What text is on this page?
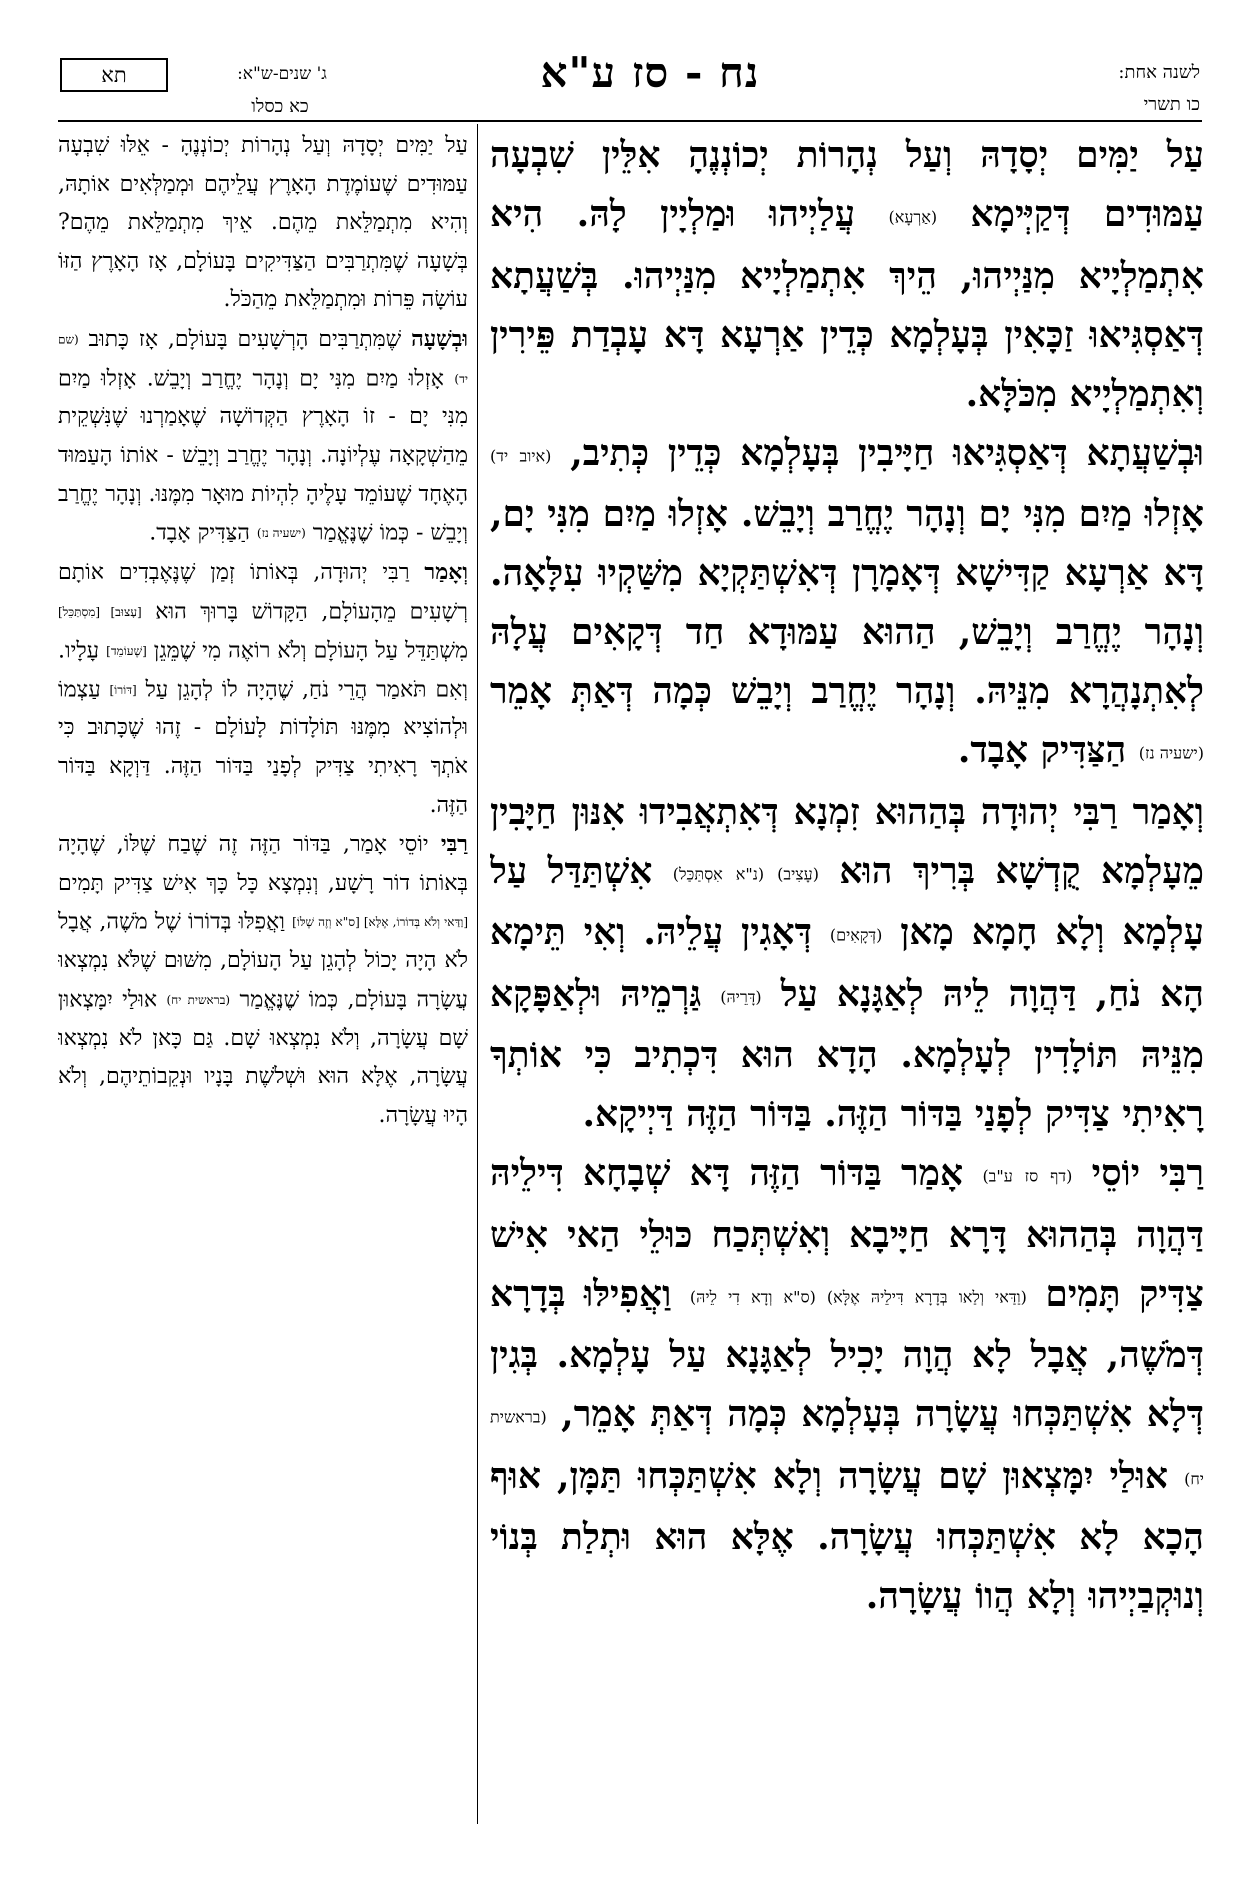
תא	ג' שנים-ש"א:
כא כסלו
נח - סז ע"א	לשנה אחת:
כו תשרי

עַל יַמִּים יְסָדָהּ וְעַל נְהָרוֹת יְכוֹנְנֶהָ אִלֵּין שִׁבְעָה עַמּוּדִים דְּקַיְּימָא (אַרְעָא) עֲלַיְיהוּ וּמַלְיָין לָהּ. הִיא אִתְמַלְיָיא מִנַּיְיהוּ, הֵיךְ אִתְמַלְיָיא מִנַּיְיהוּ. בְּשַׁעֲתָא דְּאַסְגִּיאוּ זַכָּאִין בְּעָלְמָא כְּדֵין אַרְעָא דָּא עָבְדַת פֵּירִין וְאִתְמַלְיָיא מִכֹּלָּא.

וּבְשַׁעֲתָא דְּאַסְגִּיאוּ חַיָּיבִין בְּעָלְמָא כְּדֵין כְּתִיב, (איוב יד) אָזְלוּ מַיִם מִנִּי יָם וְנָהָר יֶחֱרַב וְיָבֵשׁ. אָזְלוּ מַיִם מִנִּי יָם, דָּא אַרְעָא קַדִּישָׁא דְּאָמָרָן דְּאִשְׁתַּקְיָא מִשַּׁקְיוּ עִלָּאָה. וְנָהָר יֶחֱרַב וְיָבֵשׁ, הַהוּא עַמּוּדָא חַד דְּקָאִים עֲלָהּ לְאִתְנָהֲרָא מִנֵּיהּ. וְנָהָר יֶחֱרַב וְיָבֵשׁ כְּמָה דְּאַתְּ אָמֵר (ישעיה נז) הַצַּדִּיק אָבָד.

וְאָמַר רַבִּי יְהוּדָה בְּהַהוּא זִמְנָא דְּאִתְאֲבִידוּ אִנּוּן חַיָּבִין מֵעָלְמָא קֻדְשָׁא בְּרִיךְ הוּא (עָצִיב) (נ"א אִסְתַּכַּל) אִשְׁתַּדַּל עַל עָלְמָא וְלָא חָמָא מָאן (דְּקָאִים) דְּאָגִין עֲלֵיהּ. וְאִי תֵּימָא הָא נֹחַ, דַּהֲוָה לֵיהּ לְאַגָּנָא עַל (דָּרֵיהּ) גַּרְמֵיהּ וּלְאַפָּקָא מִנֵּיהּ תּוֹלָדִין לְעָלְמָא. הָדָא הוּא דִּכְתִיב כִּי אוֹתְךָ רָאִיתִי צַדִּיק לְפָנַי בַּדּוֹר הַזֶּה. בַּדּוֹר הַזֶּה דַּיְיקָא.

רַבִּי יוֹסֵי (דף סז ע"ב) אָמַר בַּדּוֹר הַזֶּה דָּא שְׁבָחָא דִּילֵיהּ דַּהֲוָה בְּהַהוּא דָּרָא חַיָּיבָא וְאִשְׁתְּכַח כּוּלֵי הַאי אִישׁ צַדִּיק תָּמִים (וַדַּאי וְלַאו בְּדָרָא דִּילֵיהּ אֶלָּא) (ס"א וְדָא דִי לֵיהּ) וַאֲפִילּוּ בְּדָרָא דְּמֹשֶׁה, אֲבָל לָא הֲוָה יָכִיל לְאַגָּנָא עַל עָלְמָא. בְּגִין דְּלָא אִשְׁתַּכְּחוּ עֲשָׂרָה בְּעָלְמָא כְּמָה דְּאַתְּ אָמֵר, (בראשית יח) אוּלַי יִמָּצְאוּן שָׁם עֲשָׂרָה וְלָא אִשְׁתַּכְּחוּ תַּמָּן, אוּף הָכָא לָא אִשְׁתַּכְּחוּ עֲשָׂרָה. אֶלָּא הוּא וּתְלַת בְּנוֹי וְנוּקְבַיְיהוּ וְלָא הֲווֹ עֲשָׂרָה.

עַל יַמִּים יְסָדָהּ וְעַל נְהָרוֹת יְכוֹנְנֶהָ - אֵלּוּ שִׁבְעָה עַמּוּדִים שֶׁעוֹמֶדֶת הָאָרֶץ עֲלֵיהֶם וּמְמַלְּאִים אוֹתָהּ, וְהִיא מִתְמַלֵּאת מֵהֶם. אֵיךְ מִתְמַלֵּאת מֵהֶם? בְּשָׁעָה שֶׁמִּתְרַבִּים הַצַּדִּיקִים בָּעוֹלָם, אָז הָאָרֶץ הַזּוֹ עוֹשָׂה פֵּרוֹת וּמִתְמַלֵּאת מֵהַכֹּל.

וּבְשָׁעָה שֶׁמִּתְרַבִּים הָרְשָׁעִים בָּעוֹלָם, אָז כָּתוּב (שם יד) אָזְלוּ מַיִם מִנִּי יָם וְנָהָר יֶחֱרַב וְיָבֵשׁ. אָזְלוּ מַיִם מִנִּי יָם - זוֹ הָאָרֶץ הַקְּדוֹשָׁה שֶׁאָמַרְנוּ שֶׁנִּשְׁקֵית מֵהַשְׁקָאָה עֶלְיוֹנָה. וְנָהָר יֶחֱרַב וְיָבֵשׁ - אוֹתוֹ הָעַמּוּד הָאֶחָד שֶׁעוֹמֵד עָלֶיהָ לִהְיוֹת מוּאָר מִמֶּנּוּ. וְנָהָר יֶחֱרַב וְיָבֵשׁ - כְּמוֹ שֶׁנֶּאֱמַר (ישעיה נז) הַצַּדִּיק אָבָד.

וְאָמַר רַבִּי יְהוּדָה, בְּאוֹתוֹ זְמַן שֶׁנֶּאֶבְדִים אוֹתָם רְשָׁעִים מֵהָעוֹלָם, הַקָּדוֹשׁ בָּרוּךְ הוּא [עָצוּב] [מִסְתַּכֵּל] מִשְׁתַּדֵּל עַל הָעוֹלָם וְלֹא רוֹאֶה מִי שֶׁמֵּגֵן [שֶׁעוֹמֵד] עָלָיו. וְאִם תֹּאמַר הֲרֵי נֹחַ, שֶׁהָיָה לוֹ לְהָגֵן עַל [דּוֹרוֹ] עַצְמוֹ וּלְהוֹצִיא מִמֶּנּוּ תּוֹלָדוֹת לָעוֹלָם - זֶהוּ שֶׁכָּתוּב כִּי אֹתְךָ רָאִיתִי צַדִּיק לְפָנַי בַּדּוֹר הַזֶּה. דַּוְקָא בַּדּוֹר הַזֶּה.

רַבִּי יוֹסֵי אָמַר, בַּדּוֹר הַזֶּה זֶה שֶׁבַח שֶׁלּוֹ, שֶׁהָיָה בְּאוֹתוֹ דוֹר רָשָׁע, וְנִמְצָא כָּל כָּךְ אִישׁ צַדִּיק תָּמִים [וַדַּאי וְלֹא בְּדוֹרוֹ, אֶלָּא] [ס"א וְזֶה שֶׁלּוֹ] וַאֲפִלּוּ בְּדוֹרוֹ שֶׁל מֹשֶׁה, אֲבָל לֹא הָיָה יָכוֹל לְהָגֵן עַל הָעוֹלָם, מִשּׁוּם שֶׁלֹּא נִמְצְאוּ עֲשָׂרָה בָּעוֹלָם, כְּמוֹ שֶׁנֶּאֱמַר (בראשית יח) אוּלַי יִמָּצְאוּן שָׁם עֲשָׂרָה, וְלֹא נִמְצְאוּ שָׁם. גַּם כָּאן לֹא נִמְצְאוּ עֲשָׂרָה, אֶלָּא הוּא וּשְׁלֹשֶׁת בָּנָיו וּנְקֵבוֹתֵיהֶם, וְלֹא הָיוּ עֲשָׂרָה.
